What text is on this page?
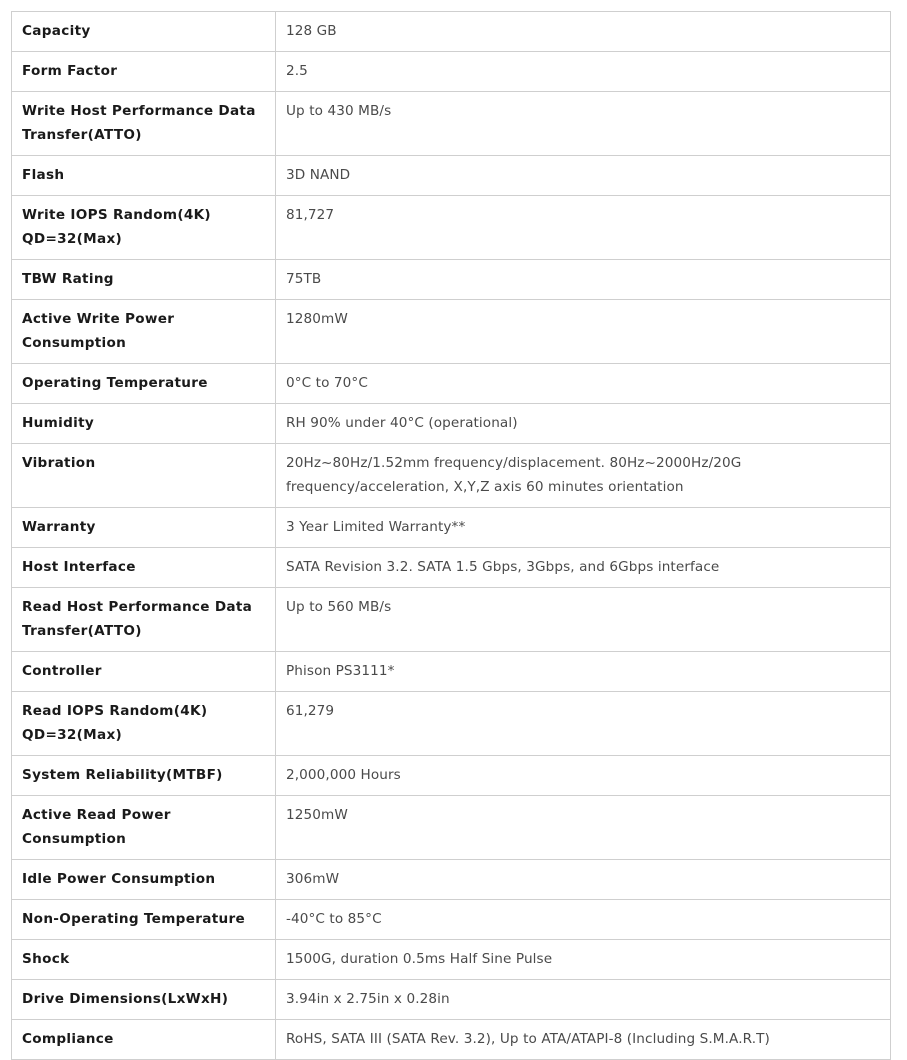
Capacity	128 GB
Form Factor	2.5
Write Host Performance Data Transfer(ATTO)	Up to 430 MB/s
Flash	3D NAND
Write IOPS Random(4K) QD=32(Max)	81,727
TBW Rating	75TB
Active Write Power Consumption	1280mW
Operating Temperature	0°C to 70°C
Humidity	RH 90% under 40°C (operational)
Vibration	20Hz~80Hz/1.52mm frequency/displacement. 80Hz~2000Hz/20G frequency/acceleration, X,Y,Z axis 60 minutes orientation
Warranty	3 Year Limited Warranty**
Host Interface	SATA Revision 3.2. SATA 1.5 Gbps, 3Gbps, and 6Gbps interface
Read Host Performance Data Transfer(ATTO)	Up to 560 MB/s
Controller	Phison PS3111*
Read IOPS Random(4K) QD=32(Max)	61,279
System Reliability(MTBF)	2,000,000 Hours
Active Read Power Consumption	1250mW
Idle Power Consumption	306mW
Non-Operating Temperature	-40°C to 85°C
Shock	1500G, duration 0.5ms Half Sine Pulse
Drive Dimensions(LxWxH)	3.94in x 2.75in x 0.28in
Compliance	RoHS, SATA III (SATA Rev. 3.2), Up to ATA/ATAPI-8 (Including S.M.A.R.T)
